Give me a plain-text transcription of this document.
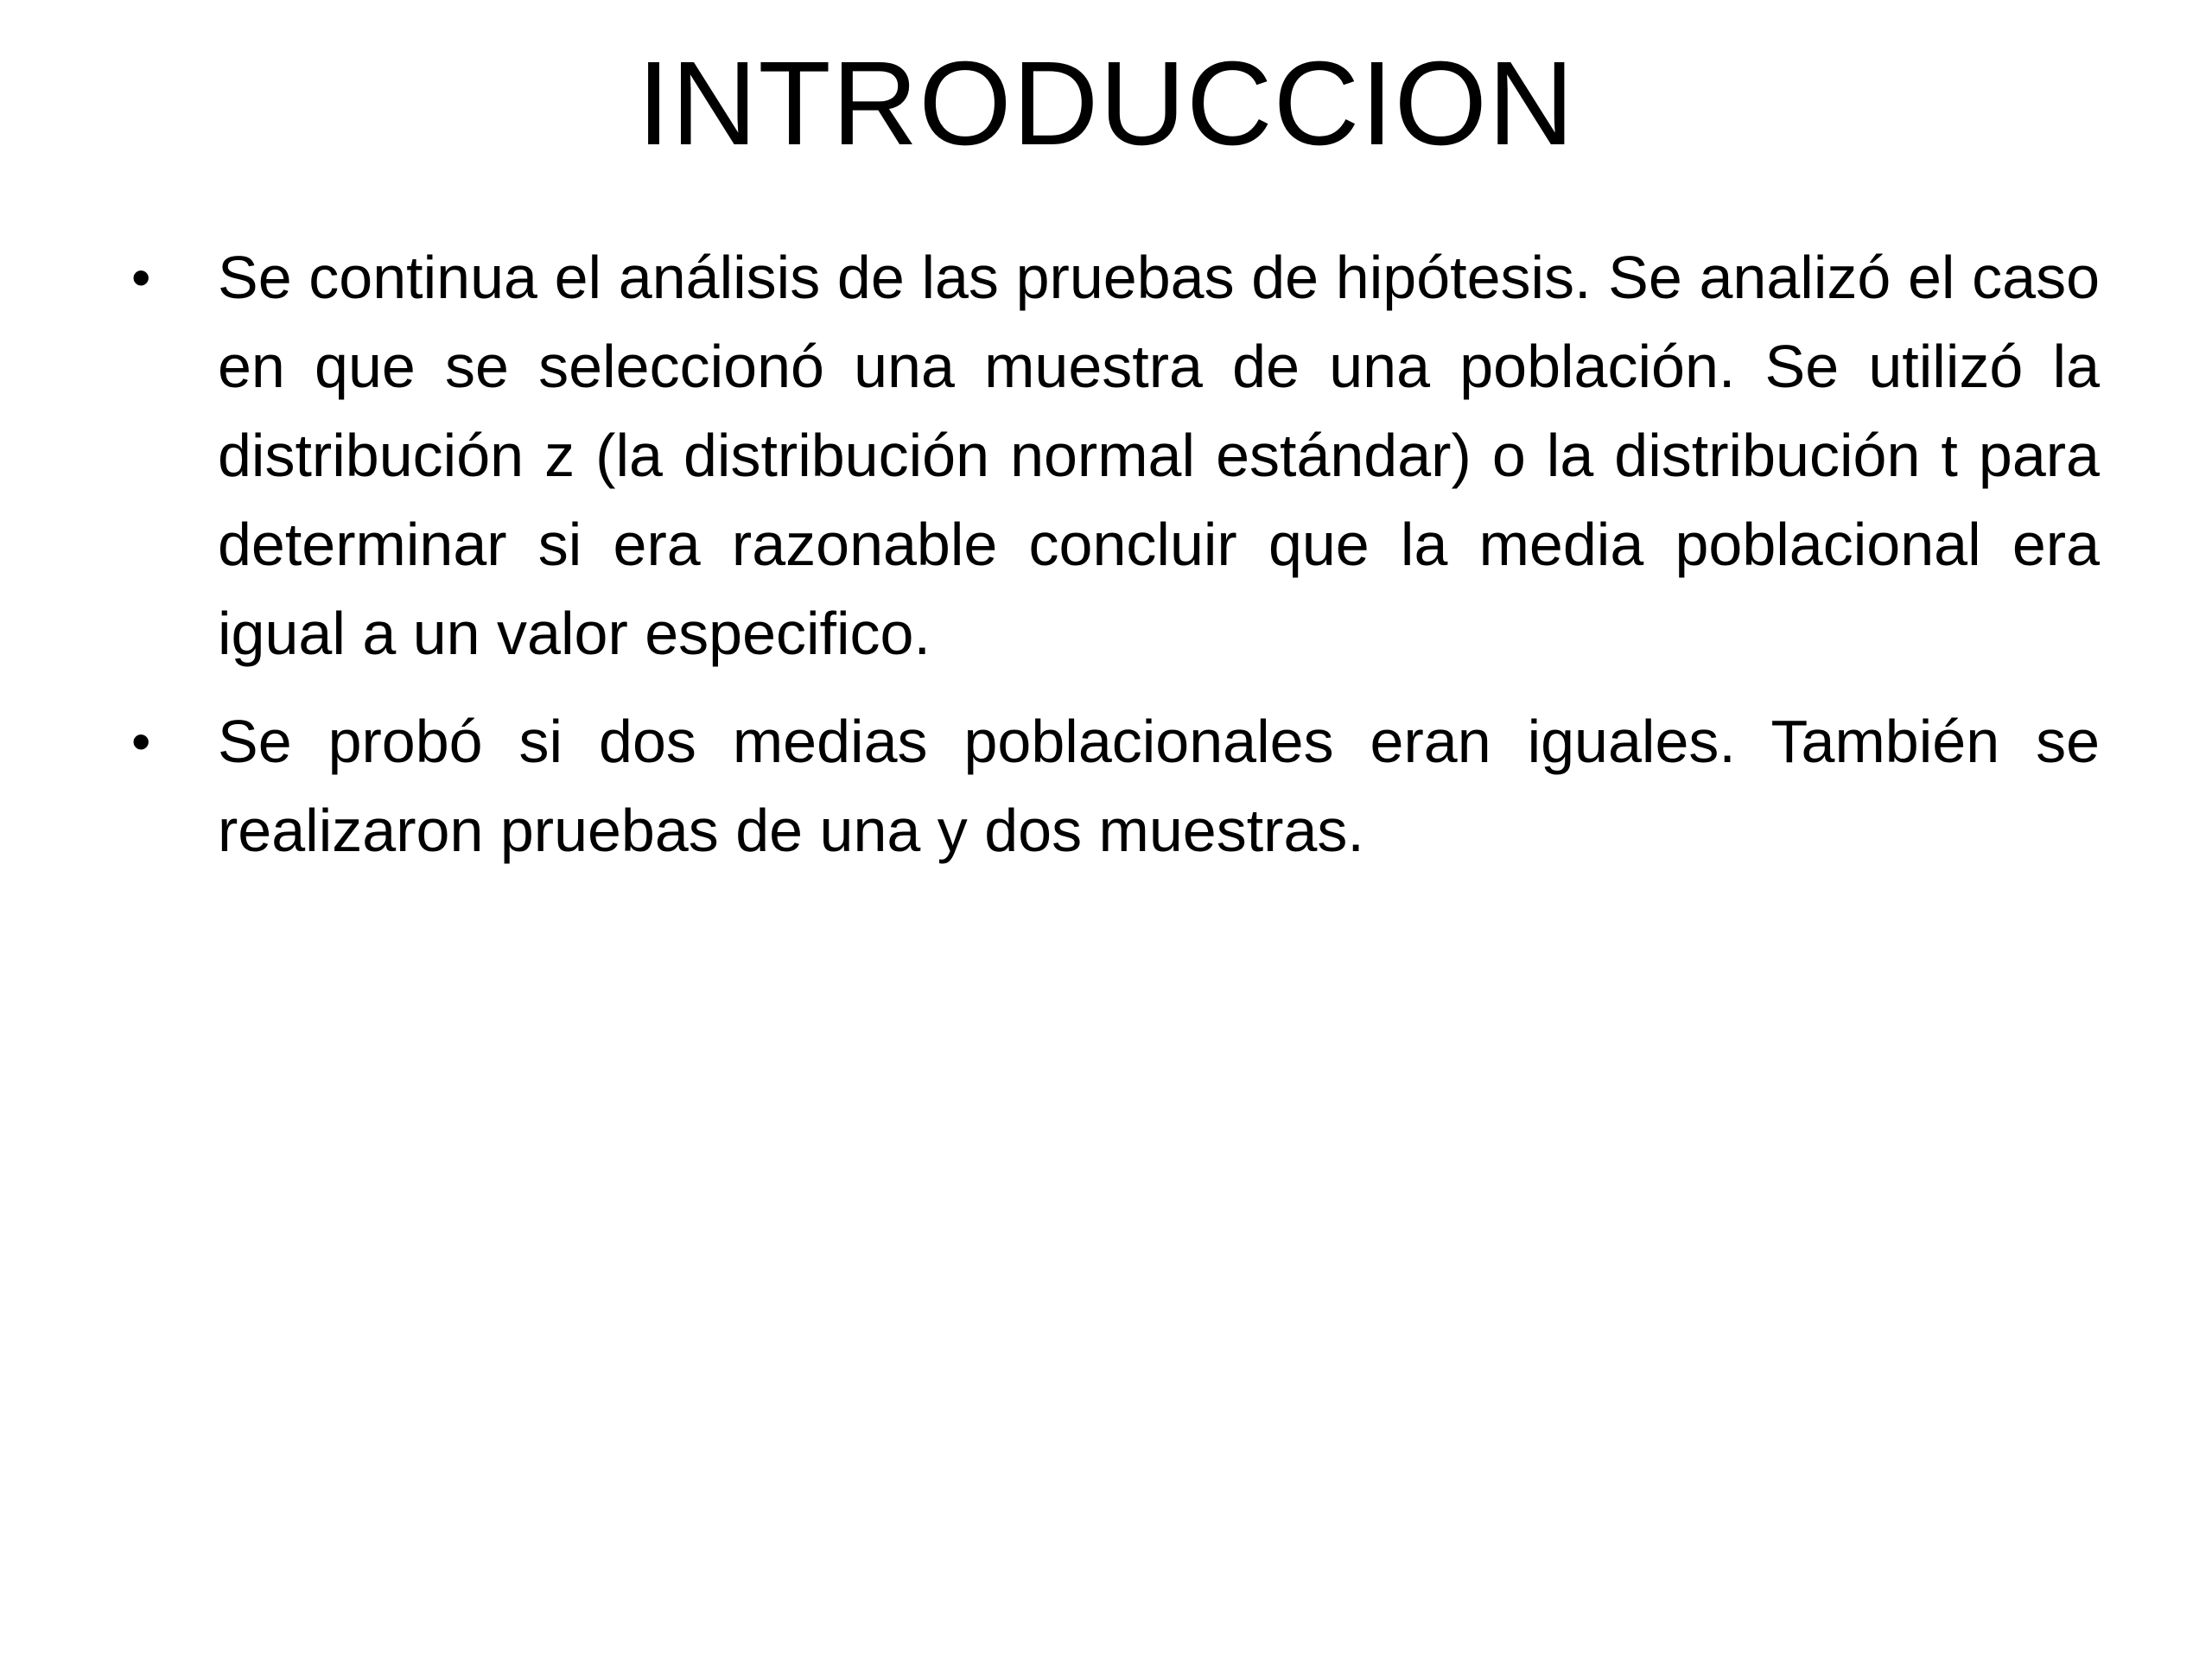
INTRODUCCION
• Se continua el análisis de las pruebas de hipótesis. Se analizó el caso en que se seleccionó una muestra de una población. Se utilizó la distribución z (la distribución normal estándar) o la distribución t para determinar si era razonable concluir que la media poblacional era igual a un valor especifico.
• Se probó si dos medias poblacionales eran iguales. También se realizaron pruebas de una y dos muestras.
